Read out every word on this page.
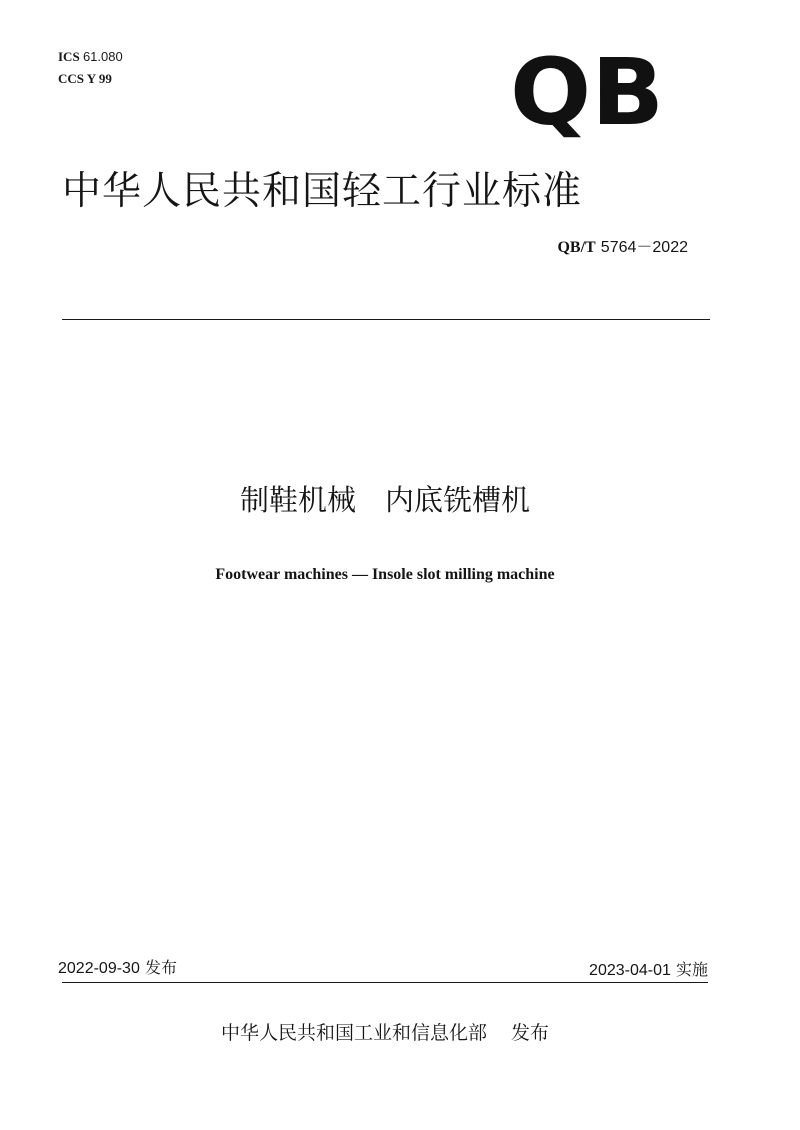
ICS 61.080
CCS Y 99	QB
中华人民共和国轻工行业标准
QB/T 5764－2022
制鞋机械　内底铣槽机
Footwear machines — Insole slot milling machine
2022-09-30 发布	2023-04-01 实施
中华人民共和国工业和信息化部 发布
